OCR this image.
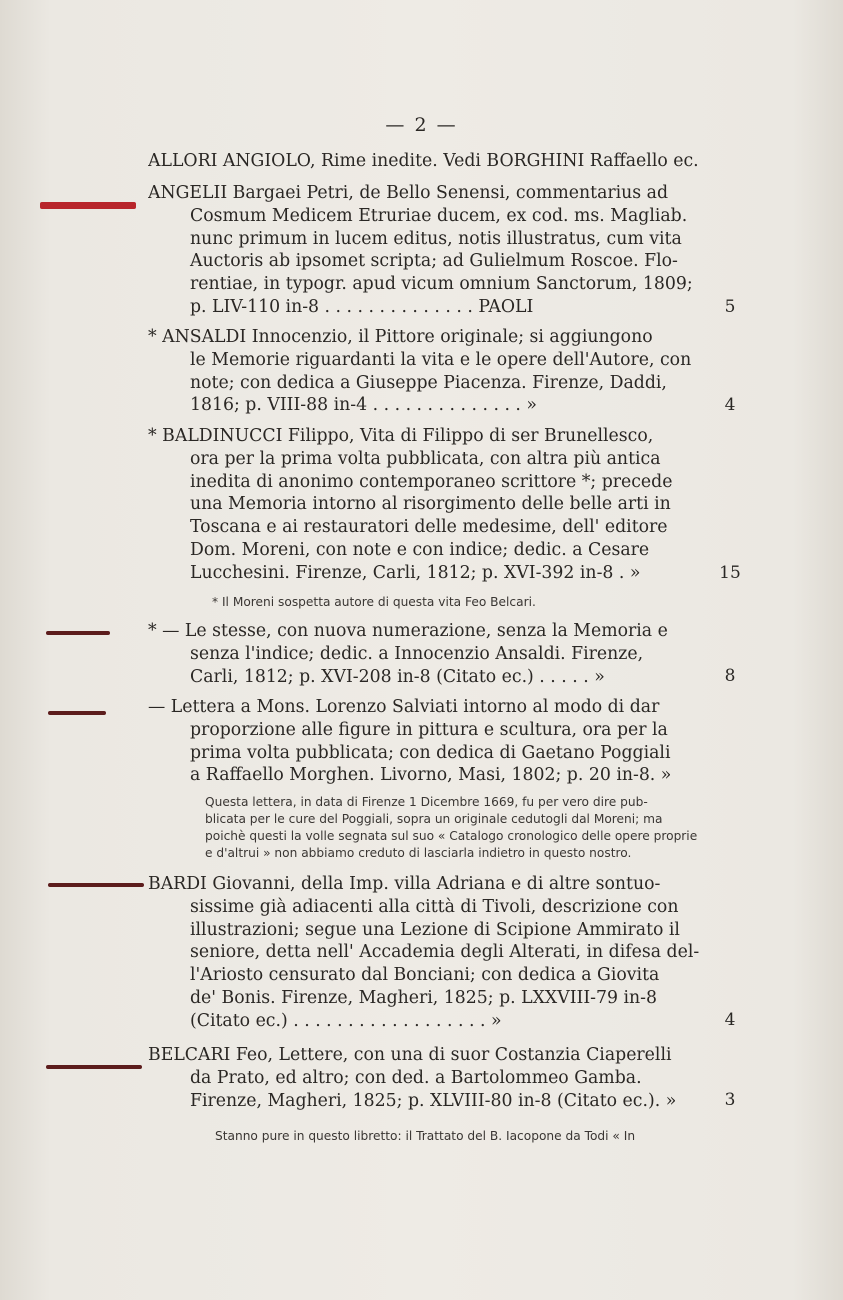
— 2 —
ALLORI ANGIOLO, Rime inedite. Vedi BORGHINI Raffaello ec.
ANGELII Bargaei Petri, de Bello Senensi, commentarius ad
Cosmum Medicem Etruriae ducem, ex cod. ms. Magliab.
nunc primum in lucem editus, notis illustratus, cum vita
Auctoris ab ipsomet scripta; ad Gulielmum Roscoe. Flo-
rentiae, in typogr. apud vicum omnium Sanctorum, 1809;
p. LIV-110 in-8 . . . . . . . . . . . . . . PAOLI	5
* ANSALDI Innocenzio, il Pittore originale; si aggiungono
le Memorie riguardanti la vita e le opere dell'Autore, con
note; con dedica a Giuseppe Piacenza. Firenze, Daddi,
1816; p. VIII-88 in-4 . . . . . . . . . . . . . . »	4
* BALDINUCCI Filippo, Vita di Filippo di ser Brunellesco,
ora per la prima volta pubblicata, con altra più antica
inedita di anonimo contemporaneo scrittore *; precede
una Memoria intorno al risorgimento delle belle arti in
Toscana e ai restauratori delle medesime, dell' editore
Dom. Moreni, con note e con indice; dedic. a Cesare
Lucchesini. Firenze, Carli, 1812; p. XVI-392 in-8 . »	15
* Il Moreni sospetta autore di questa vita Feo Belcari.
* — Le stesse, con nuova numerazione, senza la Memoria e
senza l'indice; dedic. a Innocenzio Ansaldi. Firenze,
Carli, 1812; p. XVI-208 in-8 (Citato ec.) . . . . . »	8
— Lettera a Mons. Lorenzo Salviati intorno al modo di dar
proporzione alle figure in pittura e scultura, ora per la
prima volta pubblicata; con dedica di Gaetano Poggiali
a Raffaello Morghen. Livorno, Masi, 1802; p. 20 in-8. »
Questa lettera, in data di Firenze 1 Dicembre 1669, fu per vero dire pub-
blicata per le cure del Poggiali, sopra un originale cedutogli dal Moreni; ma
poichè questi la volle segnata sul suo « Catalogo cronologico delle opere proprie
e d'altrui » non abbiamo creduto di lasciarla indietro in questo nostro.
BARDI Giovanni, della Imp. villa Adriana e di altre sontuo-
sissime già adiacenti alla città di Tivoli, descrizione con
illustrazioni; segue una Lezione di Scipione Ammirato il
seniore, detta nell' Accademia degli Alterati, in difesa del-
l'Ariosto censurato dal Bonciani; con dedica a Giovita
de' Bonis. Firenze, Magheri, 1825; p. LXXVIII-79 in-8
(Citato ec.) . . . . . . . . . . . . . . . . . . »	4
BELCARI Feo, Lettere, con una di suor Costanzia Ciaperelli
da Prato, ed altro; con ded. a Bartolommeo Gamba.
Firenze, Magheri, 1825; p. XLVIII-80 in-8 (Citato ec.). »	3
Stanno pure in questo libretto: il Trattato del B. Iacopone da Todi « In
